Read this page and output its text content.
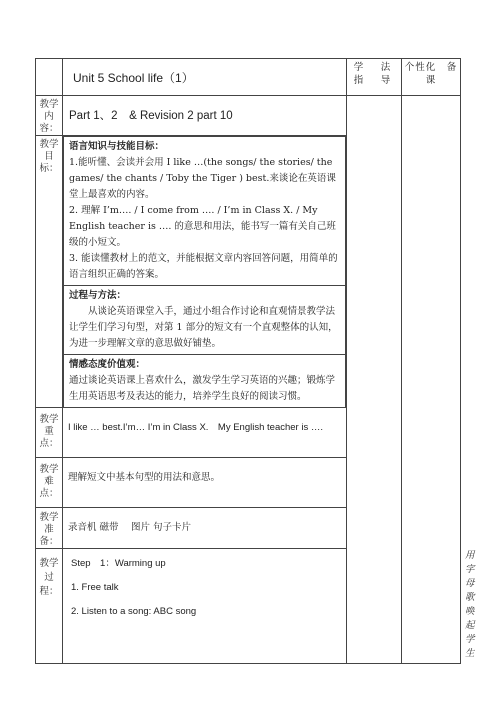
	Unit 5 School life（1）	学　法　指　导	个性化　备　课
教学内容：	Part 1、2　& Revision 2 part 10		
教学目标：	

语言知识与技能目标：

1.能听懂、会读并会用 I like …(the songs/ the stories/ the games/ the chants / Toby the Tiger ) best.来谈论在英语课堂上最喜欢的内容。

2. 理解 I’m…. / I come from …. / I’m in Class X. / My English teacher is …. 的意思和用法，能书写一篇有关自己班级的小短文。

3. 能读懂教材上的范文，并能根据文章内容回答问题，用简单的语言组织正确的答案。

过程与方法：

从谈论英语课堂入手，通过小组合作讨论和直观情景教学法让学生们学习句型，对第 1 部分的短文有一个直观整体的认知，为进一步理解文章的意思做好铺垫。

情感态度价值观：

通过谈论英语课上喜欢什么，激发学生学习英语的兴趣；锻炼学生用英语思考及表达的能力，培养学生良好的阅读习惯。

教学重点：	I like … best.I’m… I’m in Class X.　My English teacher is ….
教学难点：	理解短文中基本句型的用法和意思。
教学准备：	录音机 磁带　 图片 句子卡片
教学过程：	

Step　1：Warming up

1. Free talk

2. Listen to a song: ABC song

	用字母歌唤起学生
